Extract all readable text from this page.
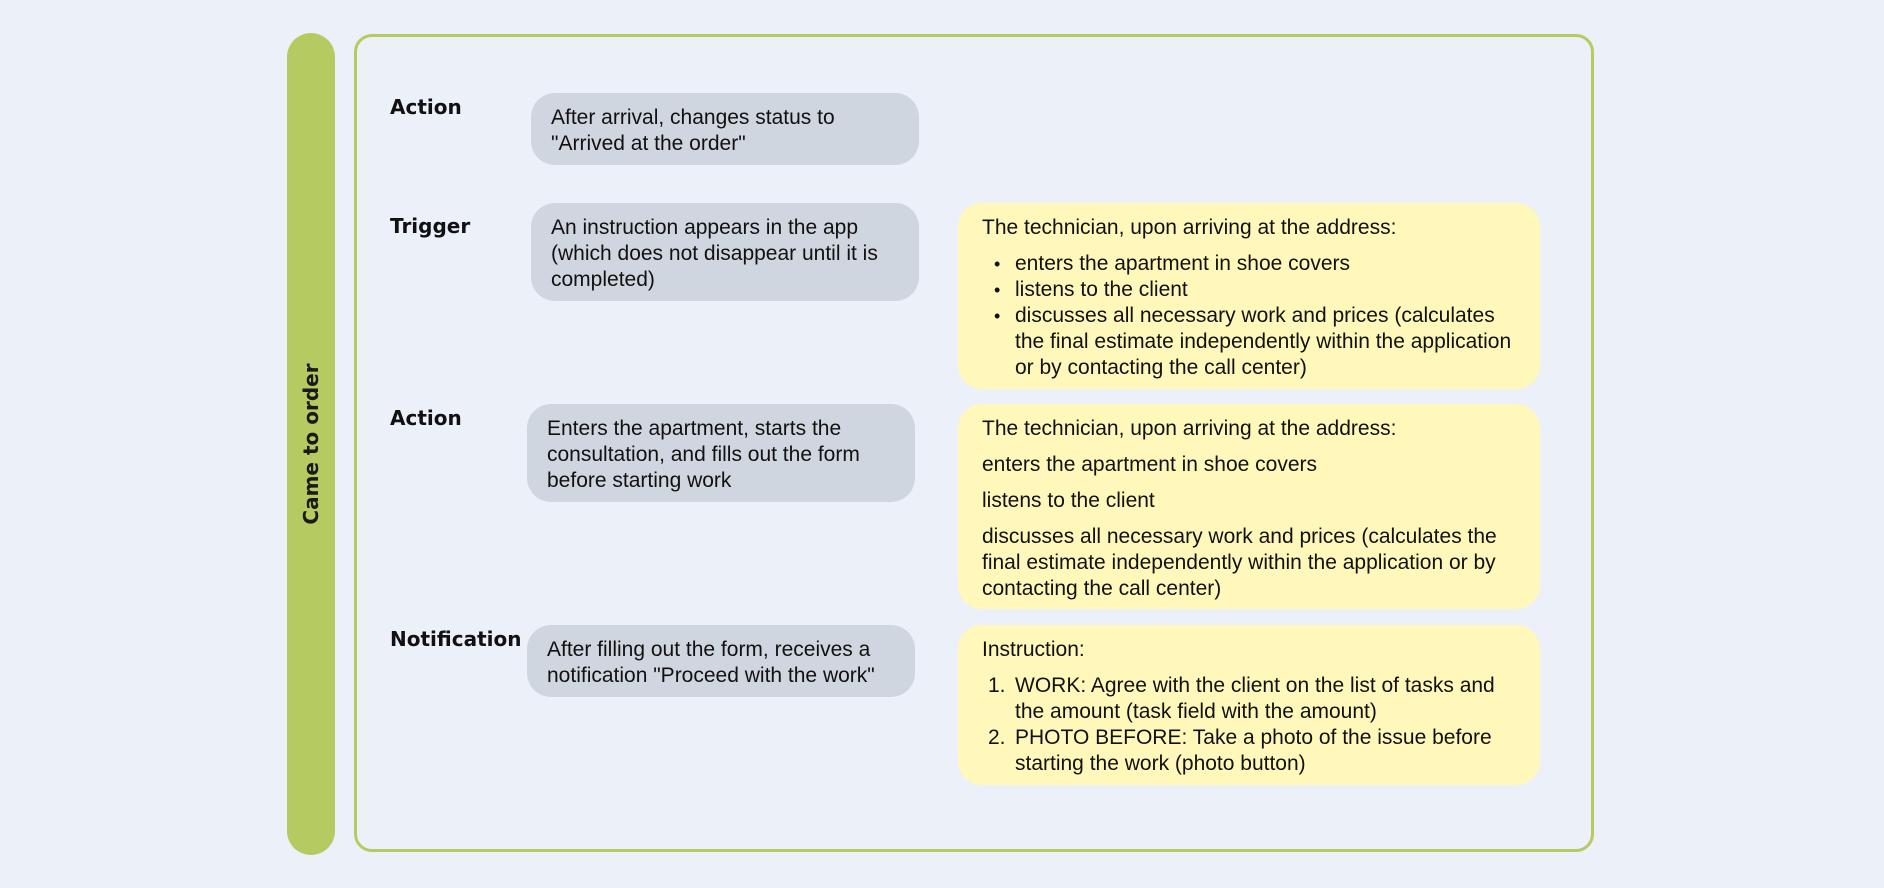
Came to order
Action	After arrival, changes status to "Arrived at the order"
Trigger	An instruction appears in the app (which does not disappear until it is completed)

The technician, upon arriving at the address:

• enters the apartment in shoe covers
• listens to the client
• discusses all necessary work and prices (calculates the final estimate independently within the application or by contacting the call center)
Action	Enters the apartment, starts the consultation, and fills out the form before starting work

The technician, upon arriving at the address:

enters the apartment in shoe covers

listens to the client

discusses all necessary work and prices (calculates the final estimate independently within the application or by contacting the call center)

Notification	After filling out the form, receives a notification "Proceed with the work"

Instruction:

1. WORK: Agree with the client on the list of tasks and the amount (task field with the amount)
2. PHOTO BEFORE: Take a photo of the issue before starting the work (photo button)
